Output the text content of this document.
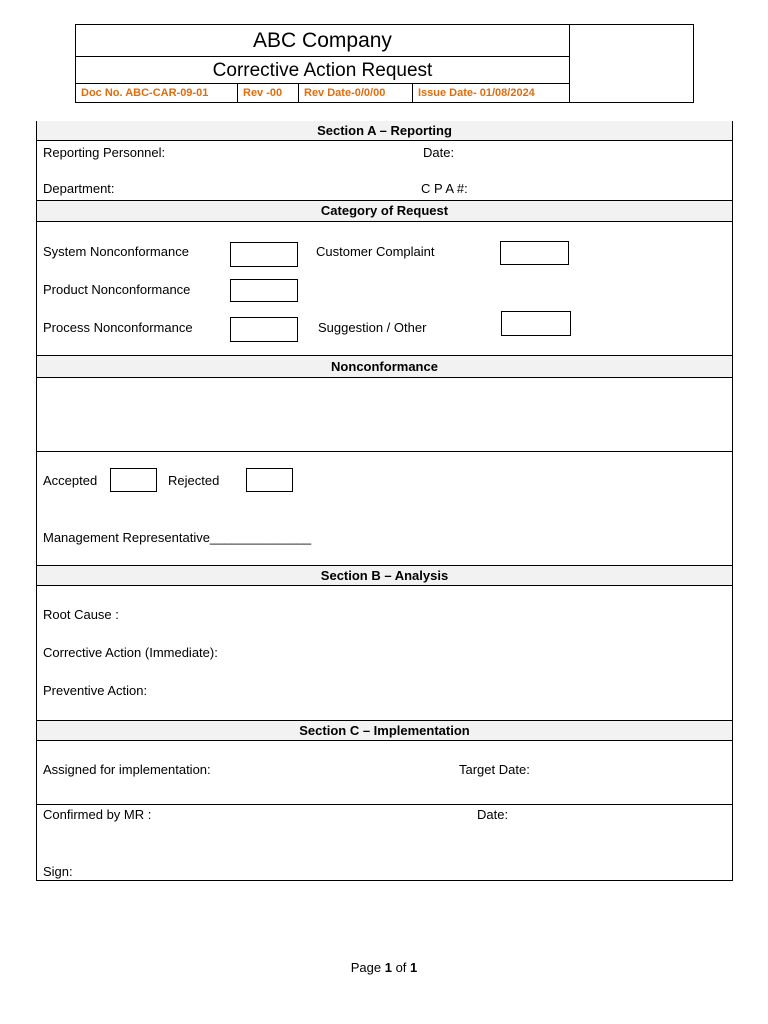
ABC Company
Corrective Action Request
Doc No. ABC-CAR-09-01	Rev -00	Rev Date-0/0/00	Issue Date- 01/08/2024
Section A – Reporting
Reporting Personnel:	Date:
Department:	C P A #:
Category of Request
System Nonconformance	Customer Complaint
Product Nonconformance
Process Nonconformance	Suggestion / Other
Nonconformance
Accepted	Rejected
Management Representative______________
Section B – Analysis
Root Cause :
Corrective Action (Immediate):
Preventive Action:
Section C – Implementation
Assigned for implementation:	Target Date:
Confirmed by MR :	Date:
Sign:
Page 1 of 1
